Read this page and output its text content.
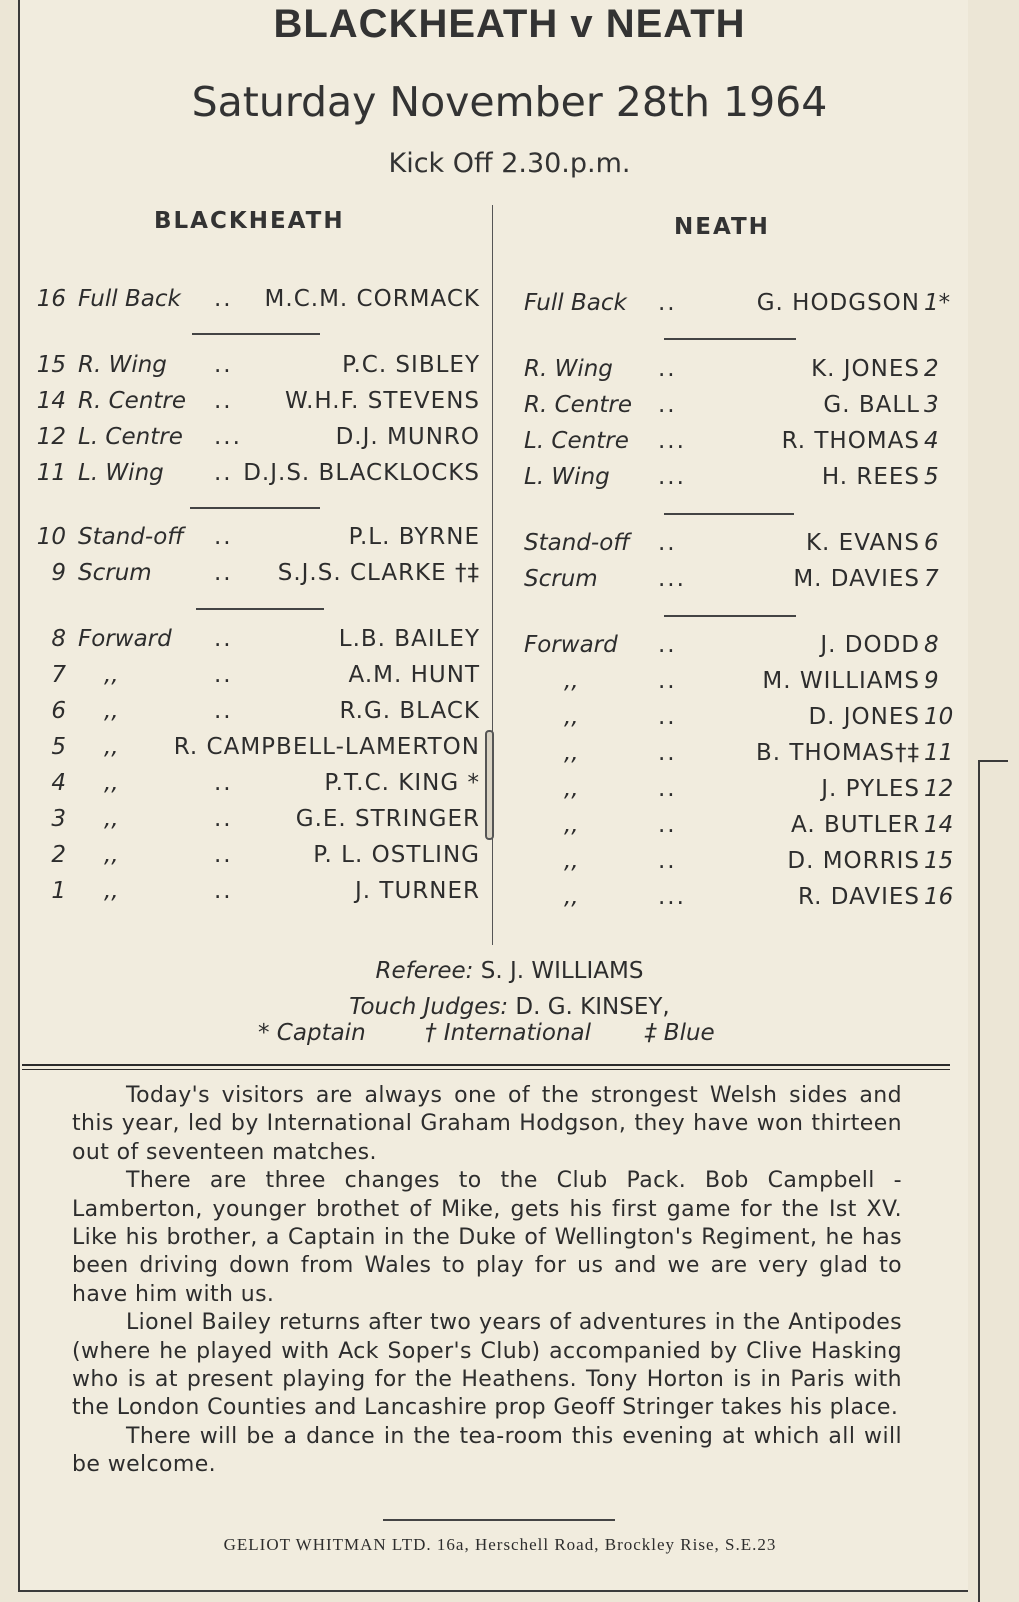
BLACKHEATH v NEATH
Saturday November 28th 1964
Kick Off 2.30.p.m.
BLACKHEATH	NEATH
16 Full Back .. M.C.M. CORMACK
15 R. Wing ..	P.C. SIBLEY
14 R. Centre .. W.H.F. STEVENS
12 L. Centre ...	D.J. MUNRO
11 L. Wing .. D.J.S. BLACKLOCKS
10 Stand-off ..	P.L. BYRNE
9 Scrum	.. S.J.S. CLARKE †‡
8 Forward ..	L.B. BAILEY
7 ,,	..	A.M. HUNT
6 ,,	..	R.G. BLACK
5 ,, R. CAMPBELL-LAMERTON
4 ,,	..	P.T.C. KING *
3 ,,	..	G.E. STRINGER
2 ,,	..	P. L. OSTLING
1 ,,	..	J. TURNER
Full Back ..	G. HODGSON 1*
R. Wing ..	K. JONES 2
R. Centre ..	G. BALL 3
L. Centre ...	R. THOMAS 4
L. Wing ...	H. REES 5
Stand-off ..	K. EVANS 6
Scrum	...	M. DAVIES 7
Forward ..	J. DODD 8
,,	..	M. WILLIAMS 9
,,	..	D. JONES 10
,,	..	B. THOMAS†‡ 11
,,	..	J. PYLES 12
,,	..	A. BUTLER 14
,,	..	D. MORRIS 15
,,	...	R. DAVIES 16
Referee: S. J. WILLIAMS
Touch Judges: D. G. KINSEY,
* Captain	† International ‡ Blue

Today's visitors are always one of the strongest Welsh sides and this year, led by International Graham Hodgson, they have won thirteen out of seventeen matches.

There are three changes to the Club Pack. Bob Campbell - Lamberton, younger brothet of Mike, gets his first game for the Ist XV. Like his brother, a Captain in the Duke of Wellington's Regiment, he has been driving down from Wales to play for us and we are very glad to have him with us.

Lionel Bailey returns after two years of adventures in the Antipodes (where he played with Ack Soper's Club) accompanied by Clive Hasking who is at present playing for the Heathens. Tony Horton is in Paris with the London Counties and Lancashire prop Geoff Stringer takes his place.

There will be a dance in the tea-room this evening at which all will be welcome.

GELIOT WHITMAN LTD. 16a, Herschell Road, Brockley Rise, S.E.23
